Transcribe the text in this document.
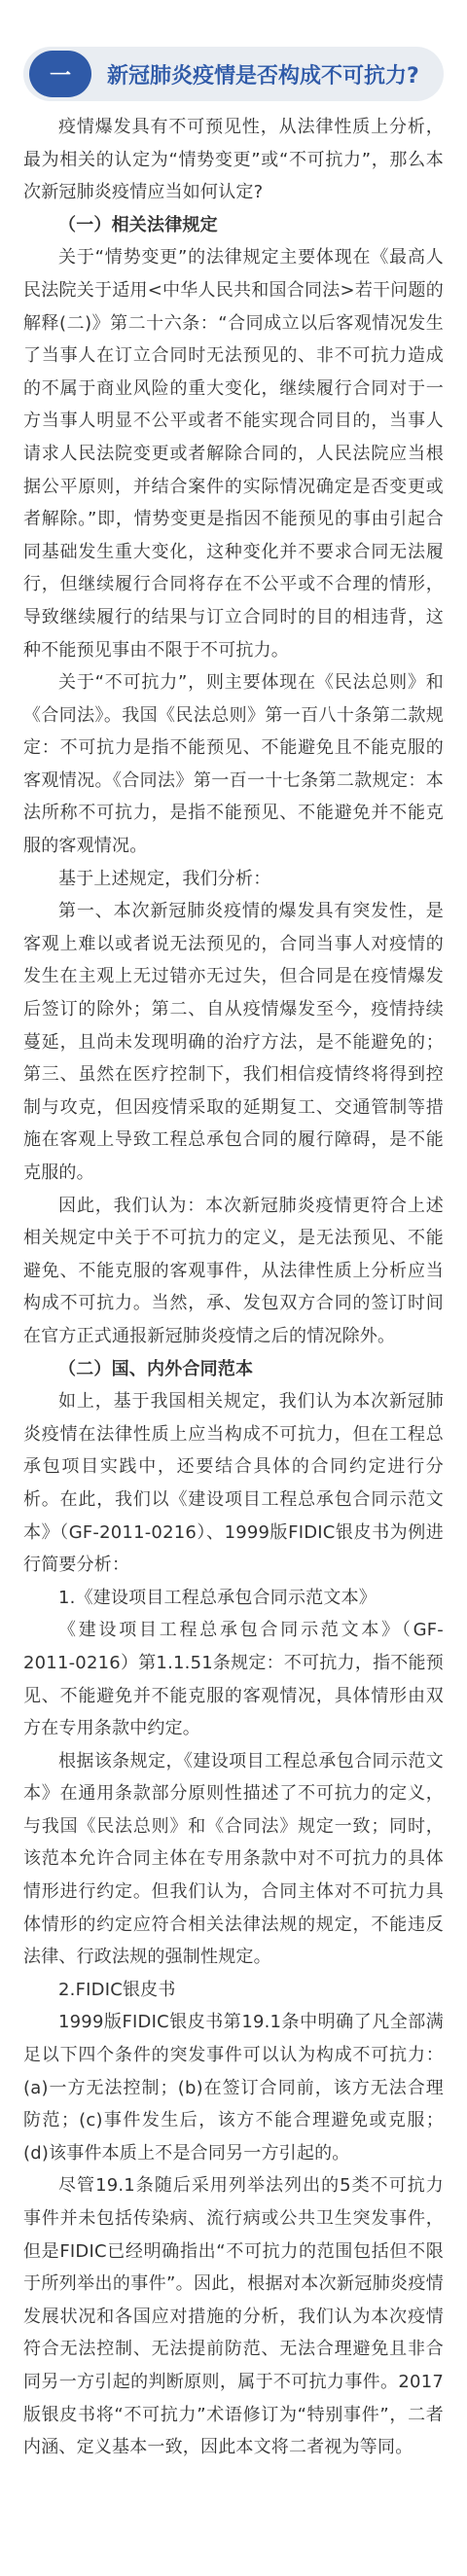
一	新冠肺炎疫情是否构成不可抗力?

疫情爆发具有不可预见性，从法律性质上分析，最为相关的认定为“情势变更”或“不可抗力”，那么本次新冠肺炎疫情应当如何认定?

（一）相关法律规定

关于“情势变更”的法律规定主要体现在《最高人民法院关于适用<中华人民共和国合同法>若干问题的解释(二)》第二十六条：“合同成立以后客观情况发生了当事人在订立合同时无法预见的、非不可抗力造成的不属于商业风险的重大变化，继续履行合同对于一方当事人明显不公平或者不能实现合同目的，当事人请求人民法院变更或者解除合同的，人民法院应当根据公平原则，并结合案件的实际情况确定是否变更或者解除。”即，情势变更是指因不能预见的事由引起合同基础发生重大变化，这种变化并不要求合同无法履行，但继续履行合同将存在不公平或不合理的情形，导致继续履行的结果与订立合同时的目的相违背，这种不能预见事由不限于不可抗力。

关于“不可抗力”，则主要体现在《民法总则》和《合同法》。我国《民法总则》第一百八十条第二款规定：不可抗力是指不能预见、不能避免且不能克服的客观情况。《合同法》第一百一十七条第二款规定：本法所称不可抗力，是指不能预见、不能避免并不能克服的客观情况。

基于上述规定，我们分析：

第一、本次新冠肺炎疫情的爆发具有突发性，是客观上难以或者说无法预见的，合同当事人对疫情的发生在主观上无过错亦无过失，但合同是在疫情爆发后签订的除外；第二、自从疫情爆发至今，疫情持续蔓延，且尚未发现明确的治疗方法，是不能避免的；第三、虽然在医疗控制下，我们相信疫情终将得到控制与攻克，但因疫情采取的延期复工、交通管制等措施在客观上导致工程总承包合同的履行障碍，是不能克服的。

因此，我们认为：本次新冠肺炎疫情更符合上述相关规定中关于不可抗力的定义，是无法预见、不能避免、不能克服的客观事件，从法律性质上分析应当构成不可抗力。当然，承、发包双方合同的签订时间在官方正式通报新冠肺炎疫情之后的情况除外。

（二）国、内外合同范本

如上，基于我国相关规定，我们认为本次新冠肺炎疫情在法律性质上应当构成不可抗力，但在工程总承包项目实践中，还要结合具体的合同约定进行分析。在此，我们以《建设项目工程总承包合同示范文本》（GF-2011-0216）、1999版FIDIC银皮书为例进行简要分析：

1.《建设项目工程总承包合同示范文本》

《建设项目工程总承包合同示范文本》（GF-2011-0216）第1.1.51条规定：不可抗力，指不能预见、不能避免并不能克服的客观情况，具体情形由双方在专用条款中约定。

根据该条规定，《建设项目工程总承包合同示范文本》在通用条款部分原则性描述了不可抗力的定义，与我国《民法总则》和《合同法》规定一致；同时，该范本允许合同主体在专用条款中对不可抗力的具体情形进行约定。但我们认为，合同主体对不可抗力具体情形的约定应符合相关法律法规的规定，不能违反法律、行政法规的强制性规定。

2.FIDIC银皮书

1999版FIDIC银皮书第19.1条中明确了凡全部满足以下四个条件的突发事件可以认为构成不可抗力：(a)一方无法控制；(b)在签订合同前，该方无法合理防范；(c)事件发生后，该方不能合理避免或克服；(d)该事件本质上不是合同另一方引起的。

尽管19.1条随后采用列举法列出的5类不可抗力事件并未包括传染病、流行病或公共卫生突发事件，但是FIDIC已经明确指出“不可抗力的范围包括但不限于所列举出的事件”。因此，根据对本次新冠肺炎疫情发展状况和各国应对措施的分析，我们认为本次疫情符合无法控制、无法提前防范、无法合理避免且非合同另一方引起的判断原则，属于不可抗力事件。2017版银皮书将“不可抗力”术语修订为“特别事件”，二者内涵、定义基本一致，因此本文将二者视为等同。
